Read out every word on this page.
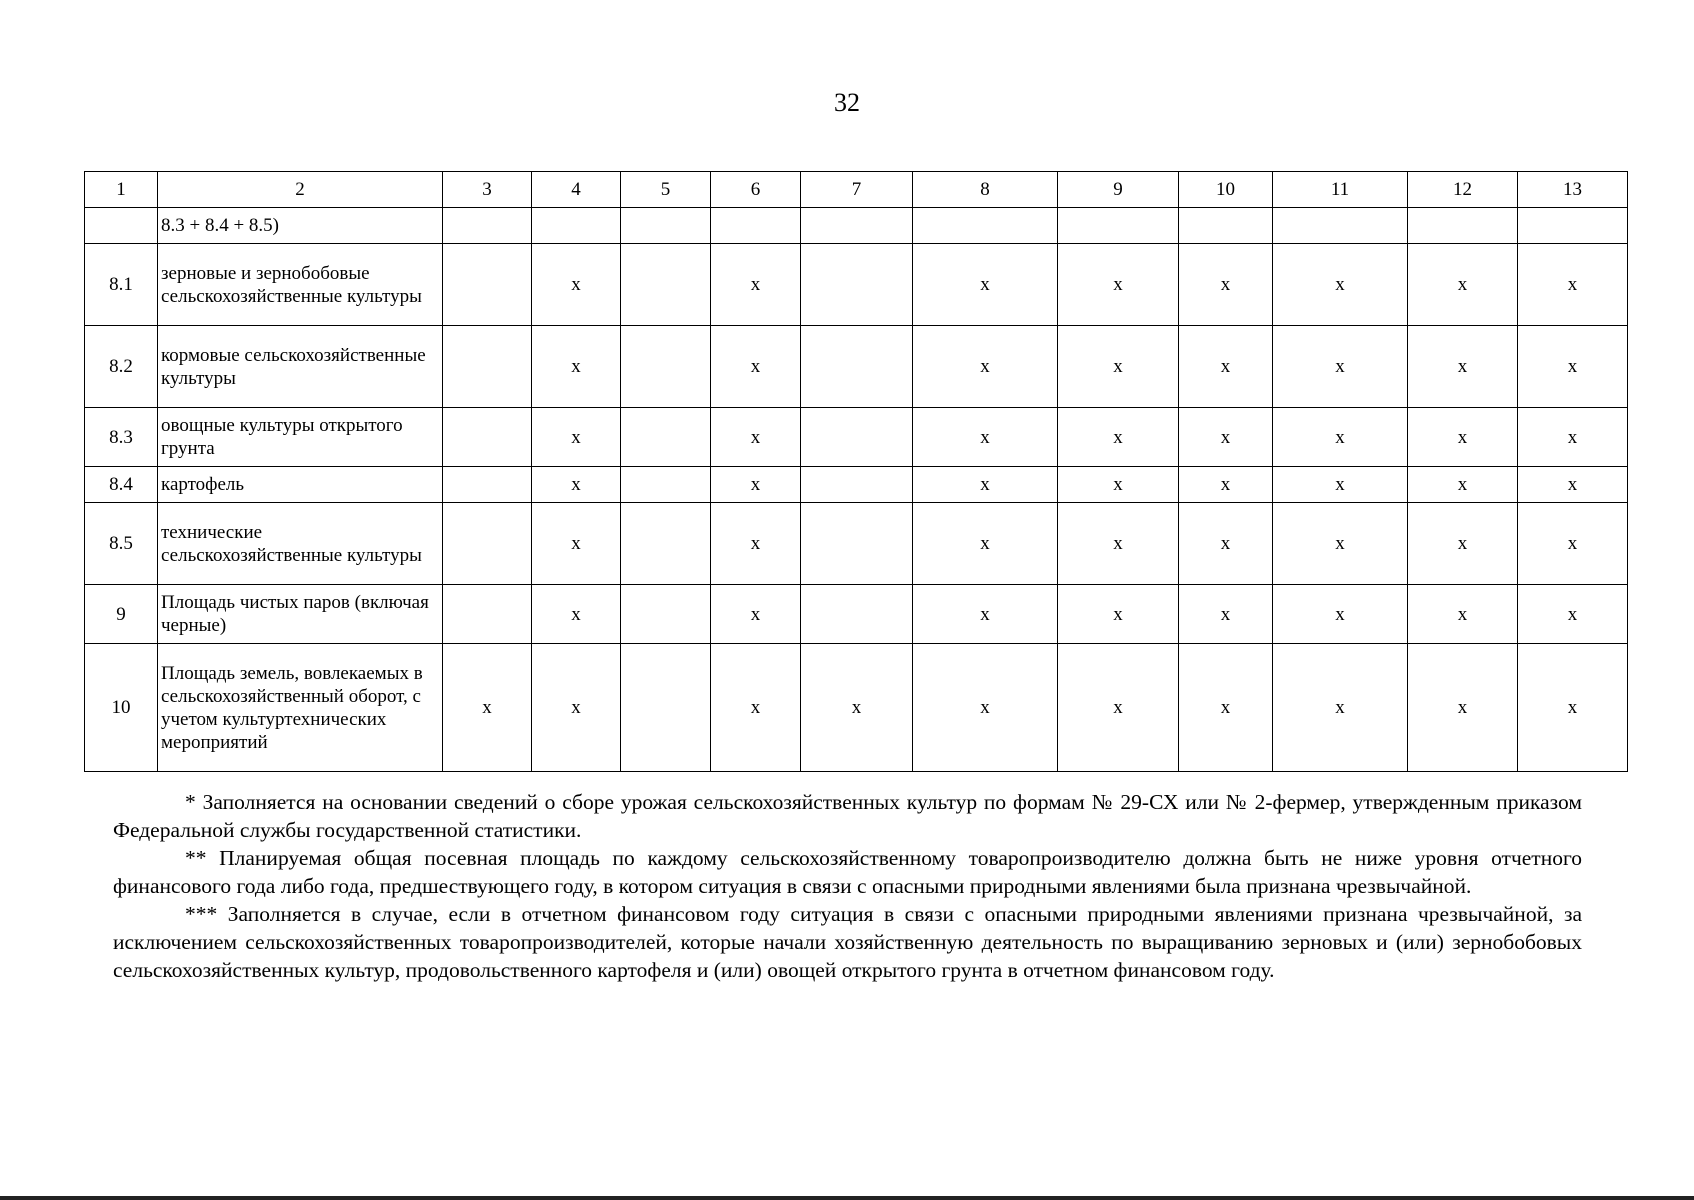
32
1	2	3	4	5	6	7	8	9	10	11	12	13
	8.3 + 8.4 + 8.5)											
8.1	зерновые и зернобобовые сельскохозяйственные культуры		x		x		x	x	x	x	x	x
8.2	кормовые сельскохозяйственные культуры		x		x		x	x	x	x	x	x
8.3	овощные культуры открытого грунта		x		x		x	x	x	x	x	x
8.4	картофель		x		x		x	x	x	x	x	x
8.5	технические сельскохозяйственные культуры		x		x		x	x	x	x	x	x
9	Площадь чистых паров (включая черные)		x		x		x	x	x	x	x	x
10	Площадь земель, вовлекаемых в сельскохозяйственный оборот, с учетом культуртехнических мероприятий	x	x		x	x	x	x	x	x	x	x

* Заполняется на основании сведений о сборе урожая сельскохозяйственных культур по формам № 29-СХ или № 2-фермер, утвержденным приказом Федеральной службы государственной статистики.

** Планируемая общая посевная площадь по каждому сельскохозяйственному товаропроизводителю должна быть не ниже уровня отчетного финансового года либо года, предшествующего году, в котором ситуация в связи с опасными природными явлениями была признана чрезвычайной.

*** Заполняется в случае, если в отчетном финансовом году ситуация в связи с опасными природными явлениями признана чрезвычайной, за исключением сельскохозяйственных товаропроизводителей, которые начали хозяйственную деятельность по выращиванию зерновых и (или) зернобобовых сельскохозяйственных культур, продовольственного картофеля и (или) овощей открытого грунта в отчетном финансовом году.
